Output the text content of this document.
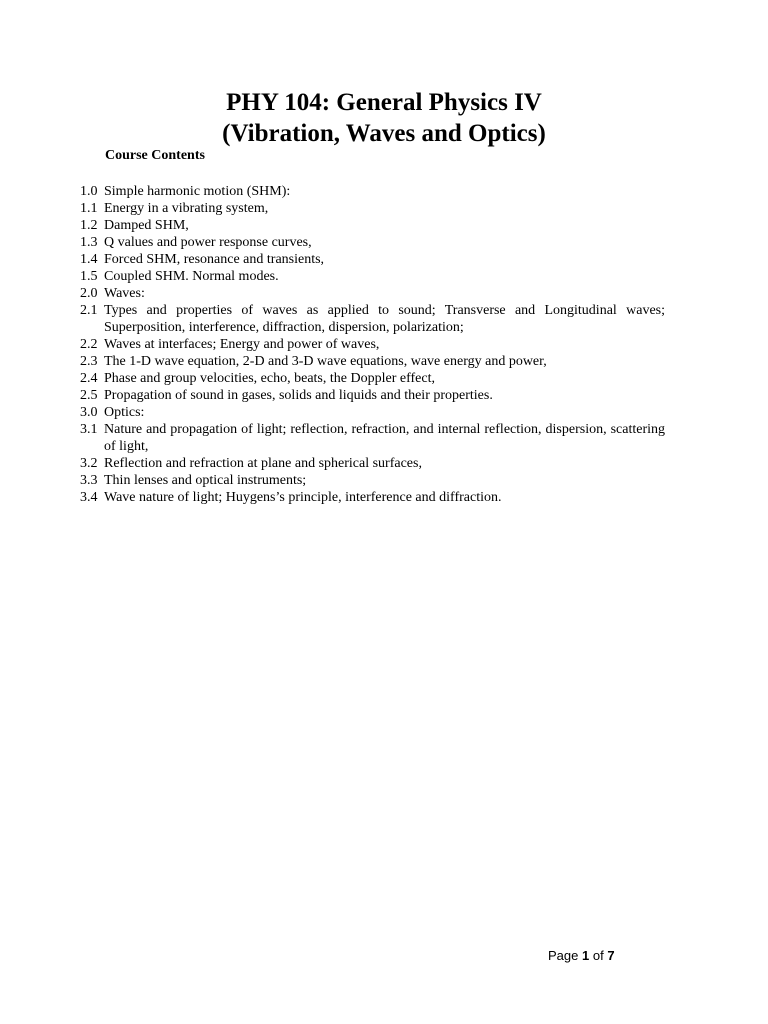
PHY 104: General Physics IV
(Vibration, Waves and Optics)
Course Contents
1.0 Simple harmonic motion (SHM):
1.1 Energy in a vibrating system,
1.2 Damped SHM,
1.3 Q values and power response curves,
1.4 Forced SHM, resonance and transients,
1.5 Coupled SHM. Normal modes.
2.0 Waves:
2.1 Types and properties of waves as applied to sound; Transverse and Longitudinal waves; Superposition, interference, diffraction, dispersion, polarization;
2.2 Waves at interfaces; Energy and power of waves,
2.3 The 1-D wave equation, 2-D and 3-D wave equations, wave energy and power,
2.4 Phase and group velocities, echo, beats, the Doppler effect,
2.5 Propagation of sound in gases, solids and liquids and their properties.
3.0 Optics:
3.1 Nature and propagation of light; reflection, refraction, and internal reflection, dispersion, scattering of light,
3.2 Reflection and refraction at plane and spherical surfaces,
3.3 Thin lenses and optical instruments;
3.4 Wave nature of light; Huygens’s principle, interference and diffraction.
Page 1 of 7
